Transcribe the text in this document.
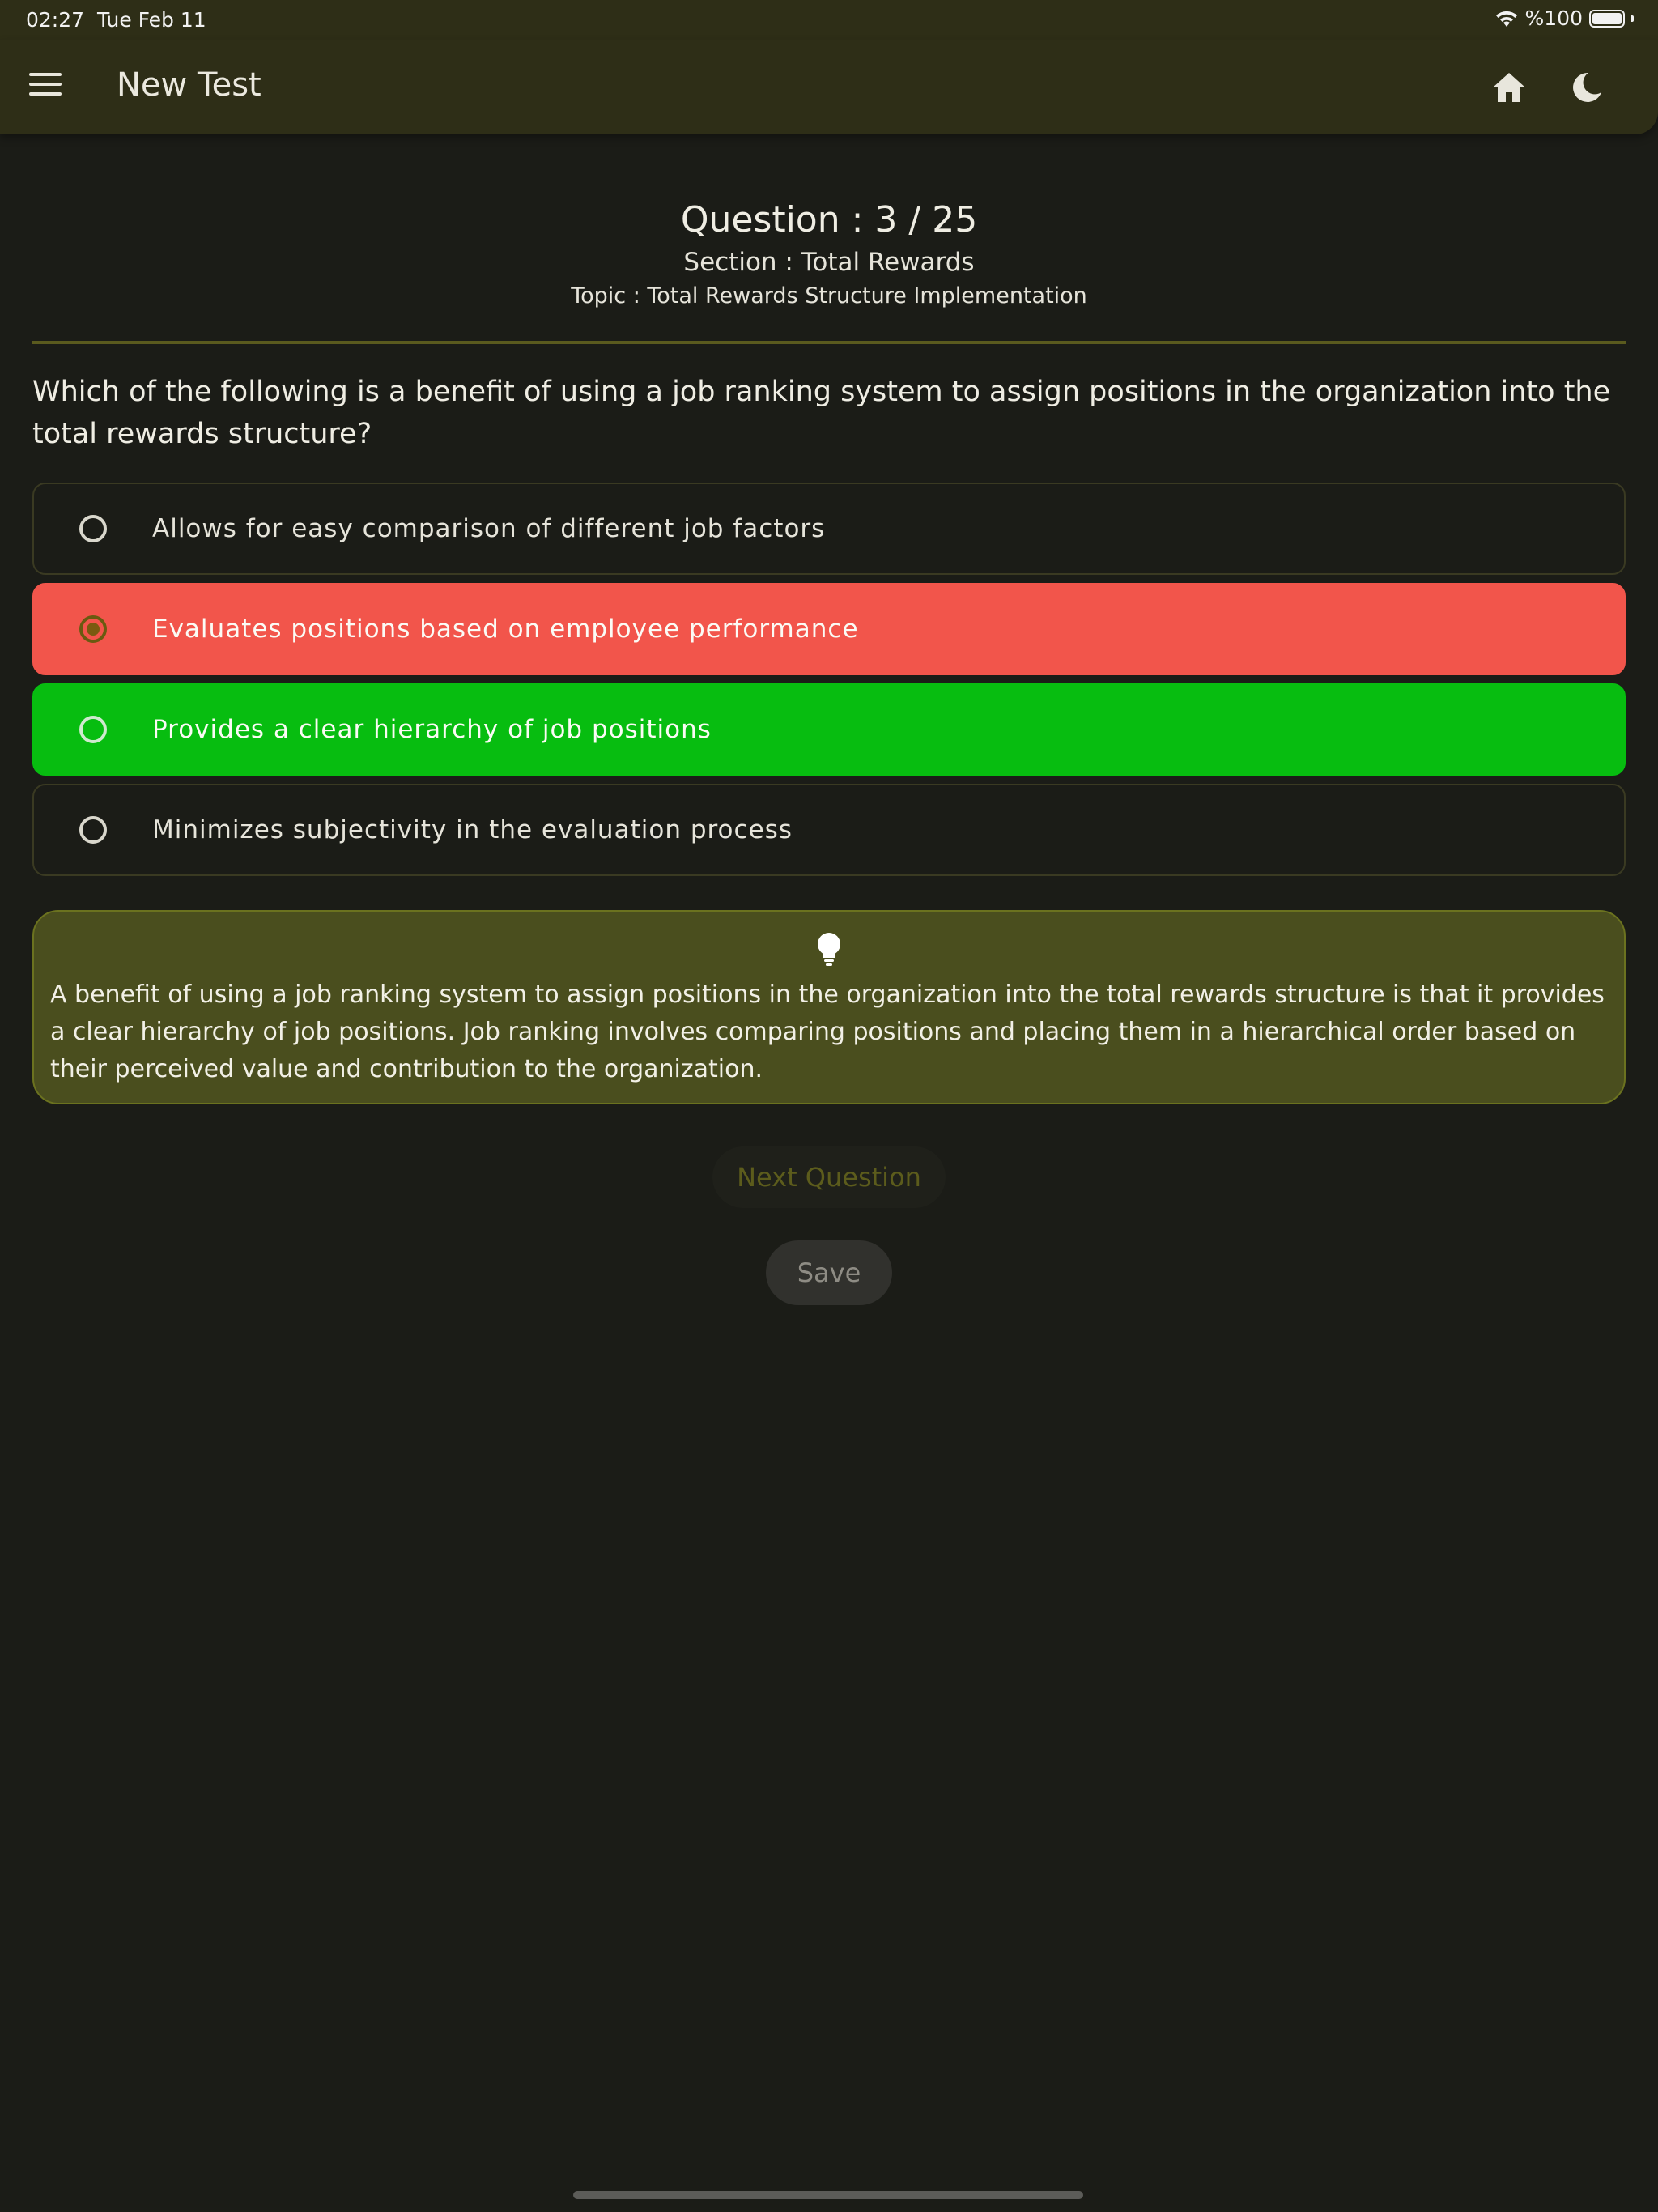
02:27 Tue Feb 11	%100
New Test
Question : 3 / 25
Section : Total Rewards
Topic : Total Rewards Structure Implementation
Which of the following is a benefit of using a job ranking system to assign positions in the organization into the total rewards structure?
Allows for easy comparison of different job factors
Evaluates positions based on employee performance
Provides a clear hierarchy of job positions
Minimizes subjectivity in the evaluation process
A benefit of using a job ranking system to assign positions in the organization into the total rewards structure is that it provides a clear hierarchy of job positions. Job ranking involves comparing positions and placing them in a hierarchical order based on their perceived value and contribution to the organization.
Next Question
Save
